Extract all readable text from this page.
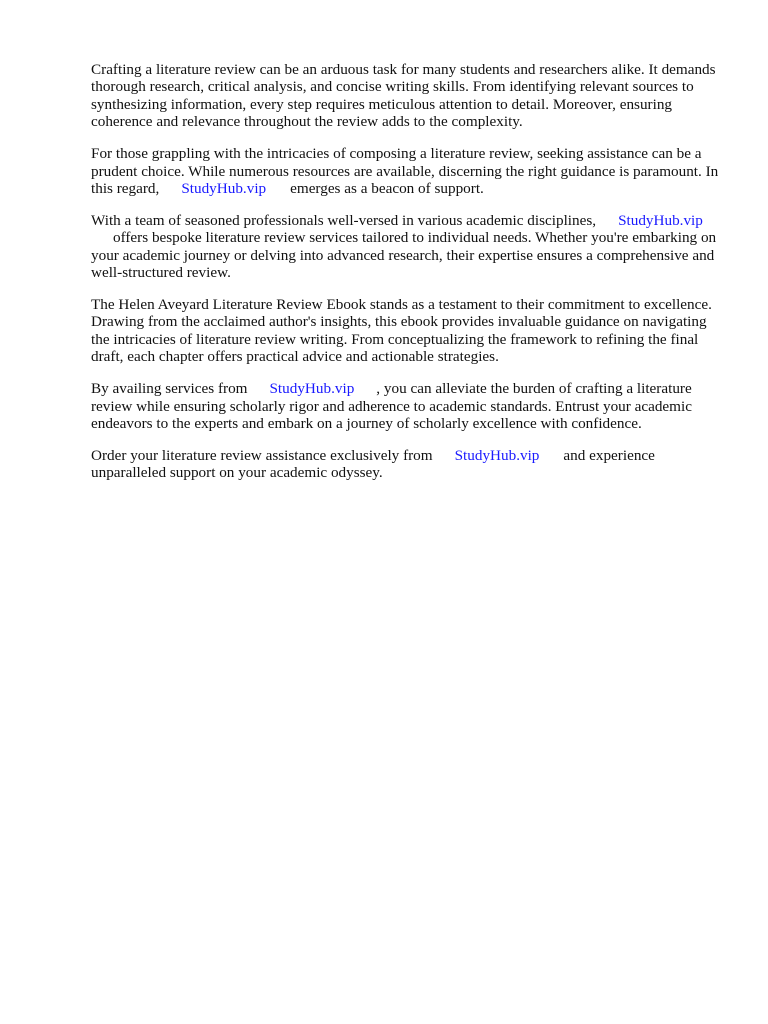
Crafting a literature review can be an arduous task for many students and researchers alike. It demands thorough research, critical analysis, and concise writing skills. From identifying relevant sources to synthesizing information, every step requires meticulous attention to detail. Moreover, ensuring coherence and relevance throughout the review adds to the complexity.

For those grappling with the intricacies of composing a literature review, seeking assistance can be a prudent choice. While numerous resources are available, discerning the right guidance is paramount. In this regard, StudyHub.vip emerges as a beacon of support.

With a team of seasoned professionals well-versed in various academic disciplines, StudyHub.vipoffers bespoke literature review services tailored to individual needs. Whether you're embarking on your academic journey or delving into advanced research, their expertise ensures a comprehensive and well-structured review.

The Helen Aveyard Literature Review Ebook stands as a testament to their commitment to excellence. Drawing from the acclaimed author's insights, this ebook provides invaluable guidance on navigating the intricacies of literature review writing. From conceptualizing the framework to refining the final draft, each chapter offers practical advice and actionable strategies.

By availing services from StudyHub.vip , you can alleviate the burden of crafting a literature review while ensuring scholarly rigor and adherence to academic standards. Entrust your academic endeavors to the experts and embark on a journey of scholarly excellence with confidence.

Order your literature review assistance exclusively from StudyHub.vip and experience unparalleled support on your academic odyssey.
